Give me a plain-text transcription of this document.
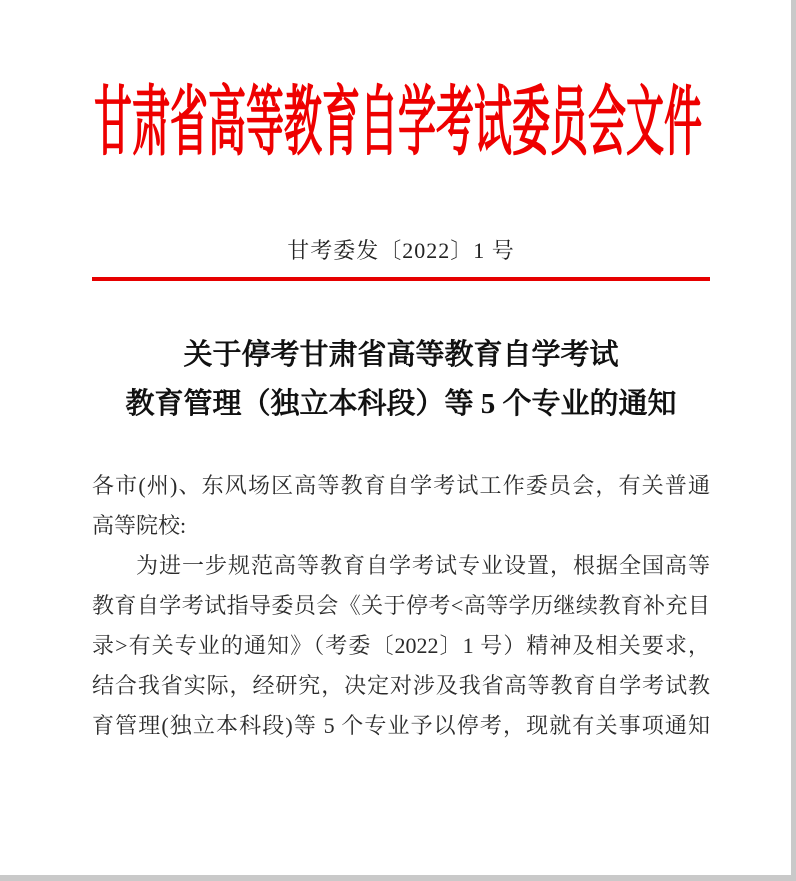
甘肃省高等教育自学考试委员会文件
甘考委发〔2022〕1 号
关于停考甘肃省高等教育自学考试
教育管理（独立本科段）等 5 个专业的通知
各市(州)、东风场区高等教育自学考试工作委员会，有关普通
高等院校:
为进一步规范高等教育自学考试专业设置，根据全国高等
教育自学考试指导委员会《关于停考<高等学历继续教育补充目
录>有关专业的通知》（考委〔2022〕1 号）精神及相关要求，
结合我省实际，经研究，决定对涉及我省高等教育自学考试教
育管理(独立本科段)等 5 个专业予以停考，现就有关事项通知
